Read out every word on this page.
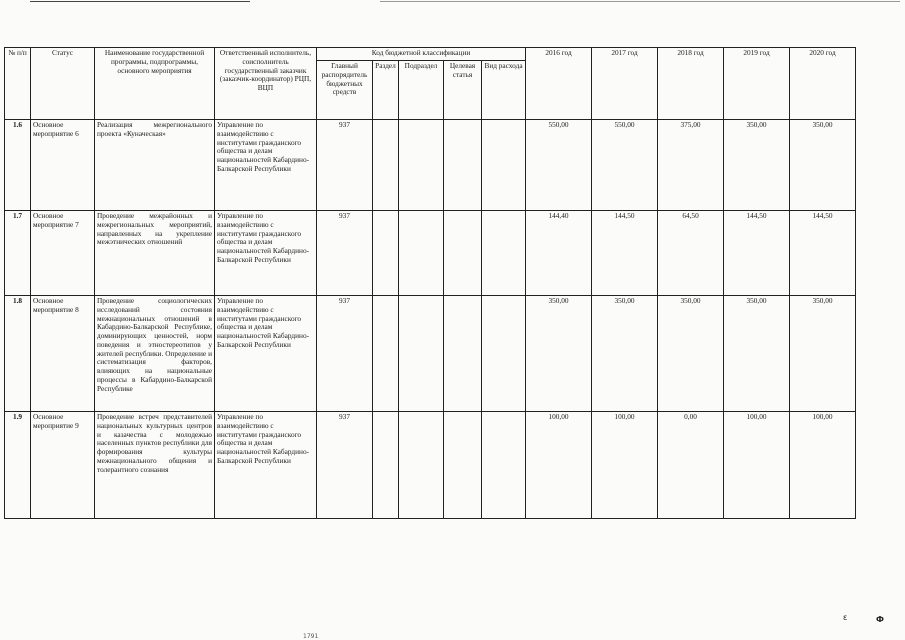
№ п/п	Статус	Наименование государственной программы, подпрограммы, основного мероприятия	Ответственный исполнитель, соисполнитель государственный заказчик (заказчик-координатор) РЦП, ВЦП	Код бюджетной классификации					2016 год	2017 год	2018 год	2019 год	2020 год
				Главный распорядитель бюджетных средств	Раздел	Подраздел	Целевая статья	Вид расхода					
1.6	Основное мероприятие 6	Реализация межрегионального проекта «Куначеская»	Управление по взаимодействию с институтами гражданского общества и делам национальностей Кабардино-Балкарской Республики	937					550,00	550,00	375,00	350,00	350,00
1.7	Основное мероприятие 7	Проведение межрайонных и межрегиональных мероприятий, направленных на укрепление межэтнических отношений	Управление по взаимодействию с институтами гражданского общества и делам национальностей Кабардино-Балкарской Республики	937					144,40	144,50	64,50	144,50	144,50
1.8	Основное мероприятие 8	Проведение социологических исследований состояния межнациональных отношений в Кабардино-Балкарской Республике, доминирующих ценностей, норм поведения и этностереотипов у жителей республики. Определение и систематизация факторов, влияющих на национальные процессы в Кабардино-Балкарской Республике	Управление по взаимодействию с институтами гражданского общества и делам национальностей Кабардино-Балкарской Республики	937					350,00	350,00	350,00	350,00	350,00
1.9	Основное мероприятие 9	Проведение встреч представителей национальных культурных центров и казачества с молодежью населенных пунктов республики для формирования культуры межнационального общения и толерантного сознания	Управление по взаимодействию с институтами гражданского общества и делам национальностей Кабардино-Балкарской Республики	937					100,00	100,00	0,00	100,00	100,00
ε	Ф
1791
